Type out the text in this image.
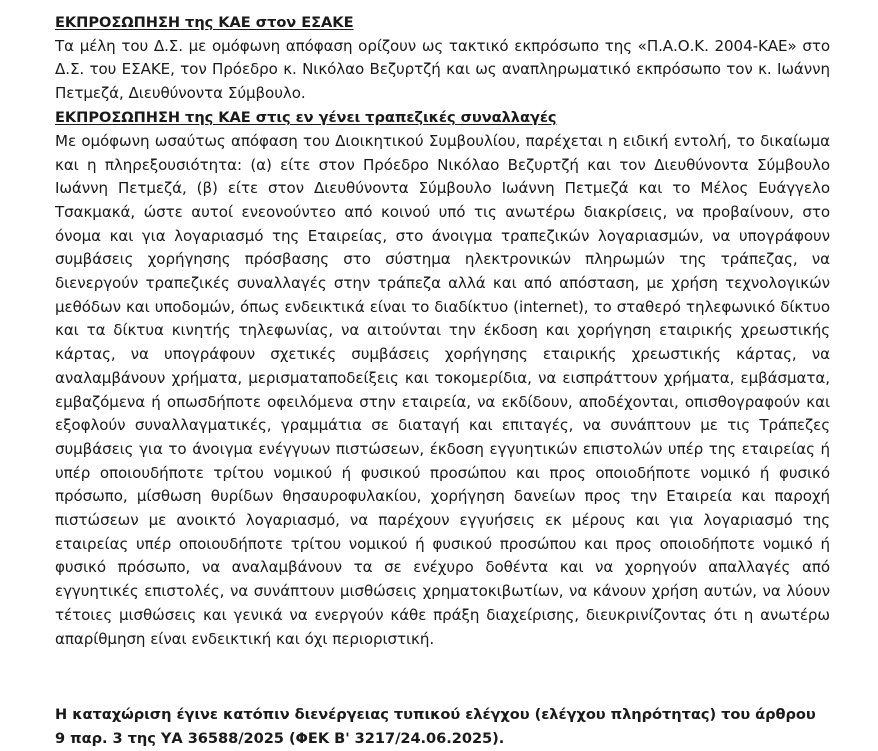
ΕΚΠΡΟΣΩΠΗΣΗ της ΚΑΕ στον ΕΣΑΚΕ

Τα μέλη του Δ.Σ. με ομόφωνη απόφαση ορίζουν ως τακτικό εκπρόσωπο της «Π.Α.Ο.Κ. 2004-ΚΑΕ» στο Δ.Σ. του ΕΣΑΚΕ, τον Πρόεδρο κ. Νικόλαο Βεζυρτζή και ως αναπληρωματικό εκπρόσωπο τον κ. Ιωάννη Πετμεζά, Διευθύνοντα Σύμβουλο.

ΕΚΠΡΟΣΩΠΗΣΗ της ΚΑΕ στις εν γένει τραπεζικές συναλλαγές

Με ομόφωνη ωσαύτως απόφαση του Διοικητικού Συμβουλίου, παρέχεται η ειδική εντολή, το δικαίωμα και η πληρεξουσιότητα: (α) είτε στον Πρόεδρο Νικόλαο Βεζυρτζή και τον Διευθύνοντα Σύμβουλο Ιωάννη Πετμεζά, (β) είτε στον Διευθύνοντα Σύμβουλο Ιωάννη Πετμεζά και το Μέλος Ευάγγελο Τσακμακά, ώστε αυτοί ενεονούντεο από κοινού υπό τις ανωτέρω διακρίσεις, να προβαίνουν, στο όνομα και για λογαριασμό της Εταιρείας, στο άνοιγμα τραπεζικών λογαριασμών, να υπογράφουν συμβάσεις χορήγησης πρόσβασης στο σύστημα ηλεκτρονικών πληρωμών της τράπεζας, να διενεργούν τραπεζικές συναλλαγές στην τράπεζα αλλά και από απόσταση, με χρήση τεχνολογικών μεθόδων και υποδομών, όπως ενδεικτικά είναι το διαδίκτυο (internet), το σταθερό τηλεφωνικό δίκτυο και τα δίκτυα κινητής τηλεφωνίας, να αιτούνται την έκδοση και χορήγηση εταιρικής χρεωστικής κάρτας, να υπογράφουν σχετικές συμβάσεις χορήγησης εταιρικής χρεωστικής κάρτας, να αναλαμβάνουν χρήματα, μερισματαποδείξεις και τοκομερίδια, να εισπράττουν χρήματα, εμβάσματα, εμβαζόμενα ή οπωσδήποτε οφειλόμενα στην εταιρεία, να εκδίδουν, αποδέχονται, οπισθογραφούν και εξοφλούν συναλλαγματικές, γραμμάτια σε διαταγή και επιταγές, να συνάπτουν με τις Τράπεζες συμβάσεις για το άνοιγμα ενέγγυων πιστώσεων, έκδοση εγγυητικών επιστολών υπέρ της εταιρείας ή υπέρ οποιουδήποτε τρίτου νομικού ή φυσικού προσώπου και προς οποιοδήποτε νομικό ή φυσικό πρόσωπο, μίσθωση θυρίδων θησαυροφυλακίου, χορήγηση δανείων προς την Εταιρεία και παροχή πιστώσεων με ανοικτό λογαριασμό, να παρέχουν εγγυήσεις εκ μέρους και για λογαριασμό της εταιρείας υπέρ οποιουδήποτε τρίτου νομικού ή φυσικού προσώπου και προς οποιοδήποτε νομικό ή φυσικό πρόσωπο, να αναλαμβάνουν τα σε ενέχυρο δοθέντα και να χορηγούν απαλλαγές από εγγυητικές επιστολές, να συνάπτουν μισθώσεις χρηματοκιβωτίων, να κάνουν χρήση αυτών, να λύουν τέτοιες μισθώσεις και γενικά να ενεργούν κάθε πράξη διαχείρισης, διευκρινίζοντας ότι η ανωτέρω απαρίθμηση είναι ενδεικτική και όχι περιοριστική.

Η καταχώριση έγινε κατόπιν διενέργειας τυπικού ελέγχου (ελέγχου πληρότητας) του άρθρου 9 παρ. 3 της ΥΑ 36588/2025 (ΦΕΚ Β' 3217/24.06.2025).
